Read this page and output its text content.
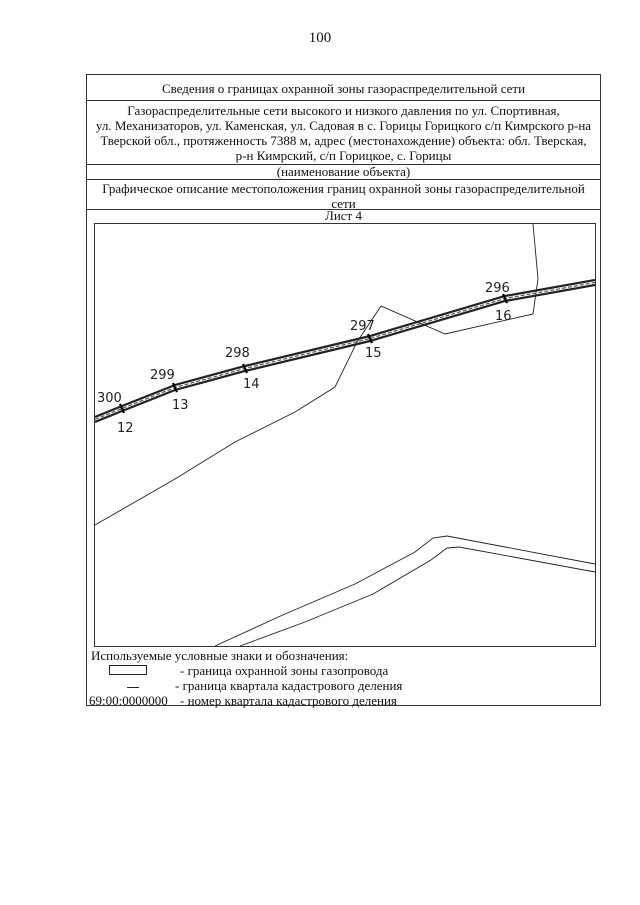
100
Сведения о границах охранной зоны газораспределительной сети
Газораспределительные сети высокого и низкого давления по ул. Спортивная,
ул. Механизаторов, ул. Каменская, ул. Садовая в с. Горицы Горицкого с/п Кимрского р-на
Тверской обл., протяженность 7388 м, адрес (местонахождение) объекта: обл. Тверская,
р-н Кимрский, с/п Горицкое, с. Горицы
(наименование объекта)
Графическое описание местоположения границ охранной зоны газораспределительной
сети
Лист 4
300
299
298
297
296
12
13
14
15
16
Используемые условные знаки и обозначения:
- граница охранной зоны газопровода
- граница квартала кадастрового деления
69:00:0000000 - номер квартала кадастрового деления
